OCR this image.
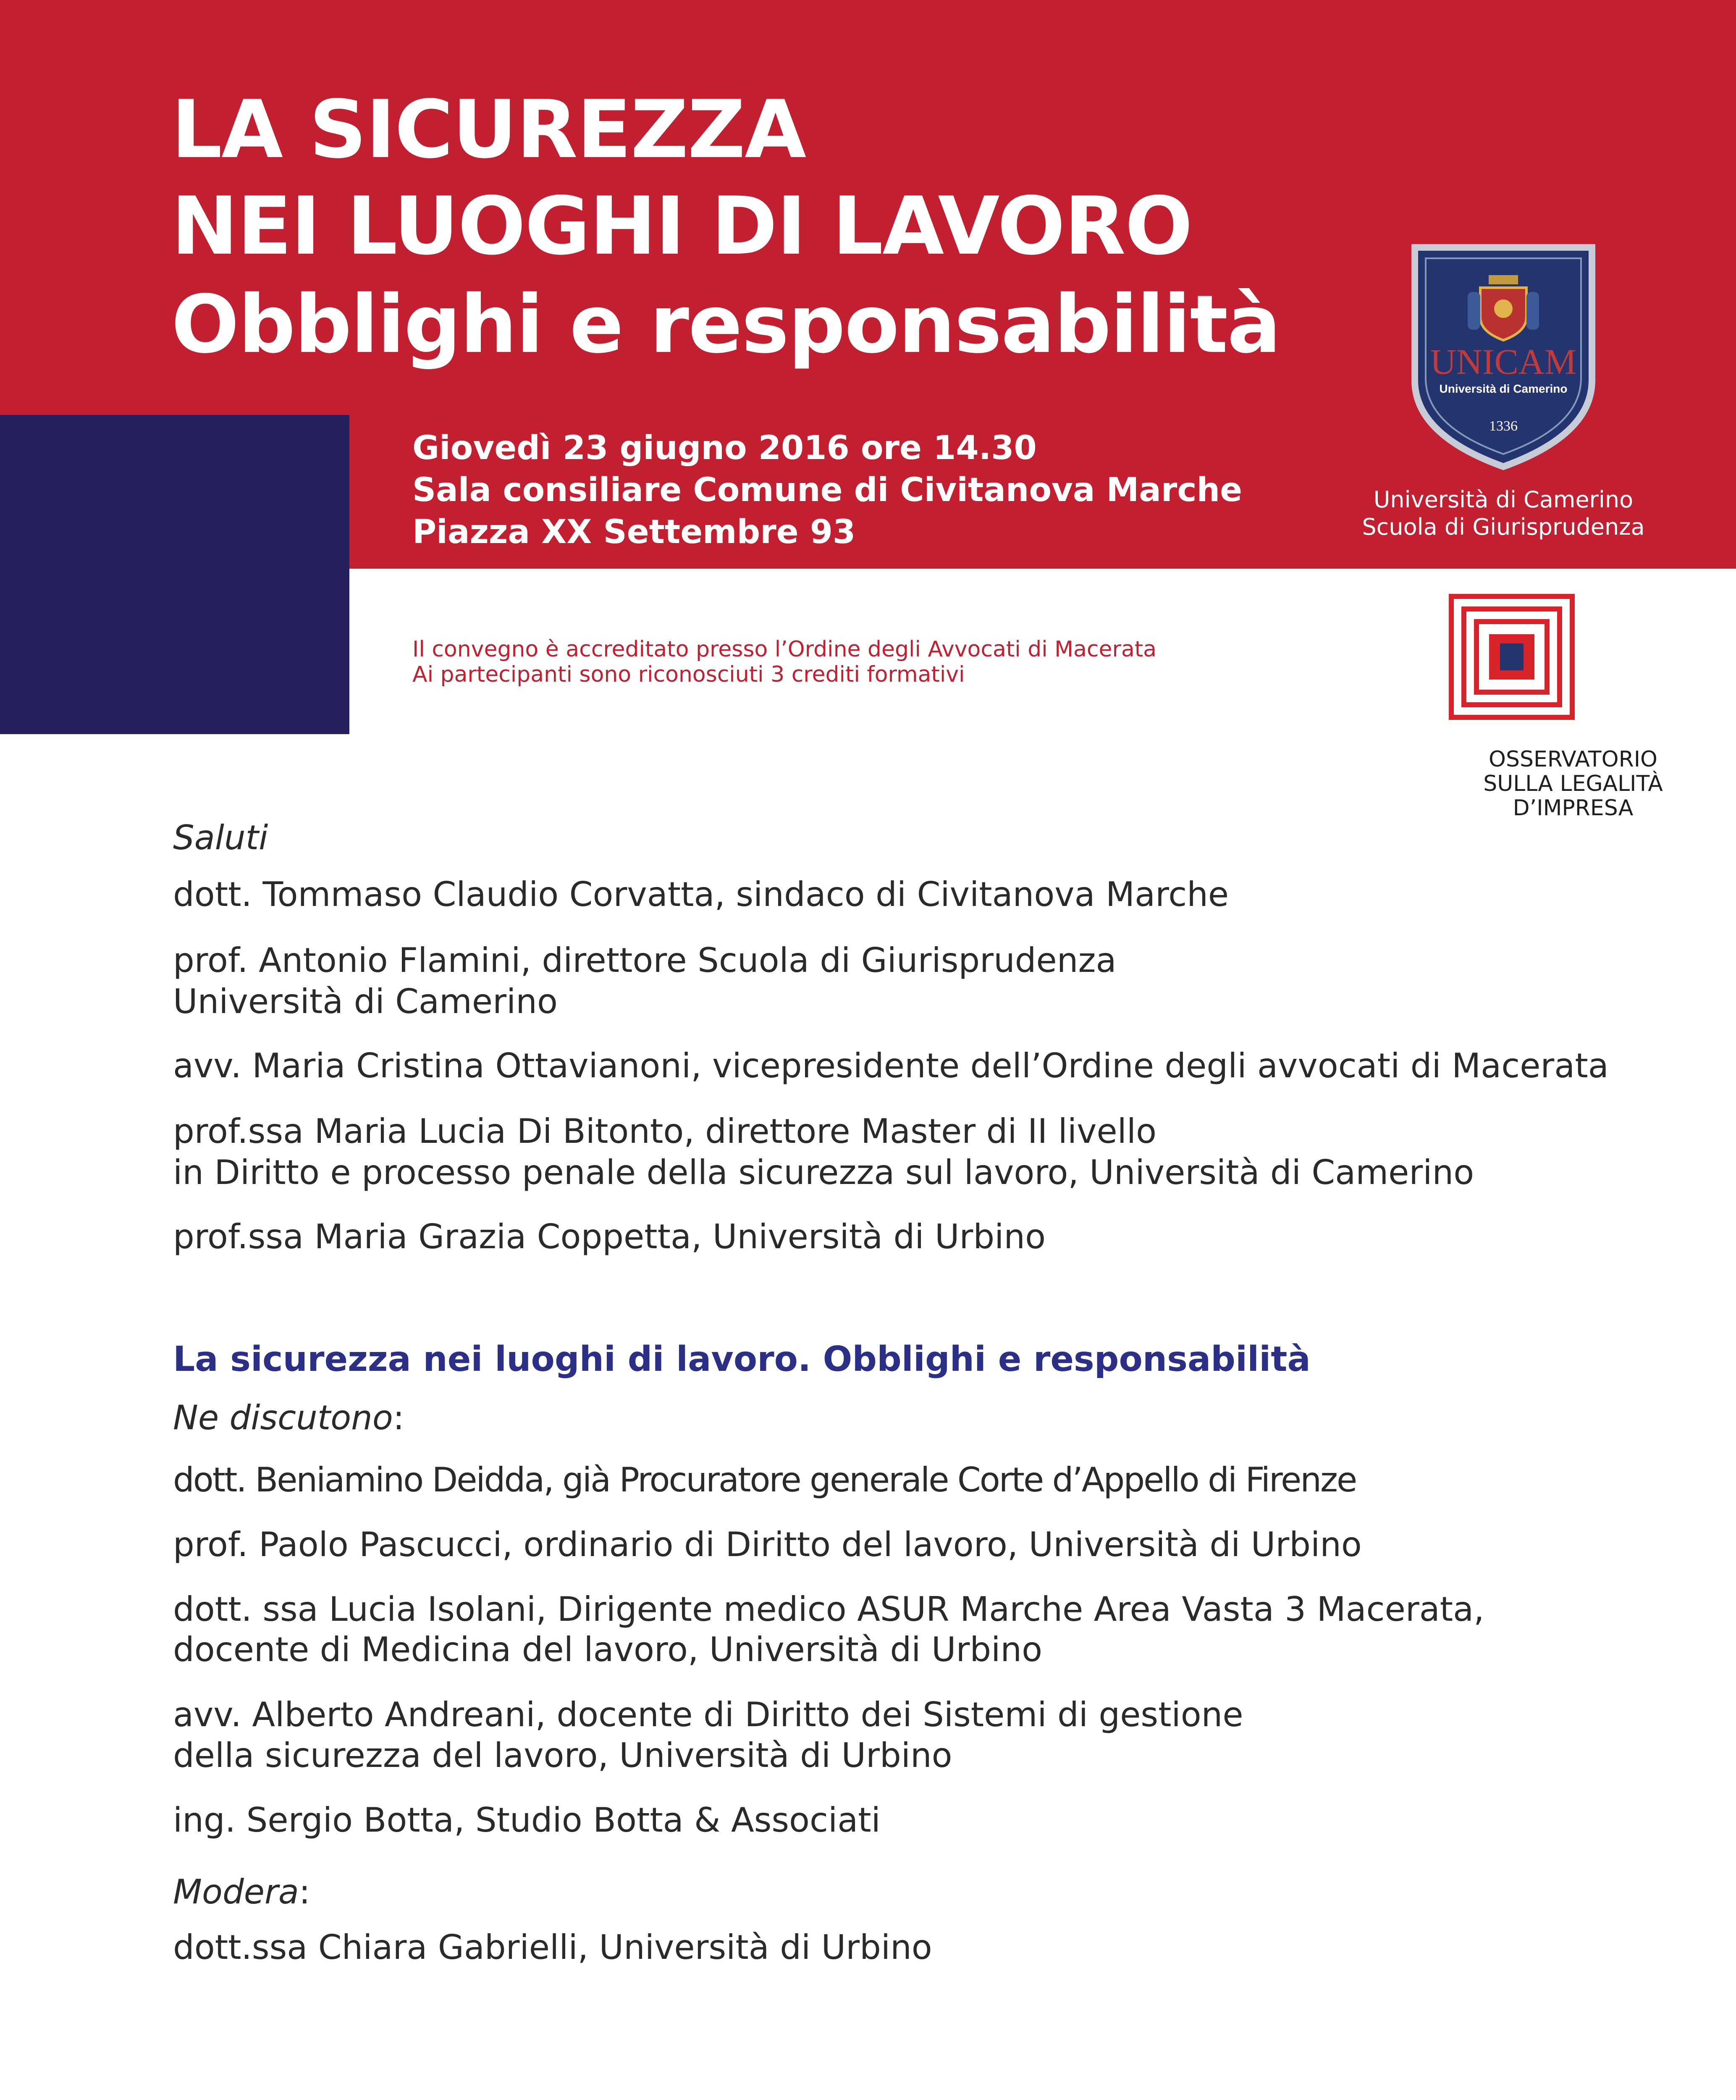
LA SICUREZZA
NEI LUOGHI DI LAVORO
Obblighi e responsabilità
Giovedì 23 giugno 2016 ore 14.30
Sala consiliare Comune di Civitanova Marche
Piazza XX Settembre 93
UNICAM
Università di Camerino
1336
Università di Camerino
Scuola di Giurisprudenza
Il convegno è accreditato presso l’Ordine degli Avvocati di Macerata
Ai partecipanti sono riconosciuti 3 crediti formativi
OSSERVATORIO
SULLA LEGALITÀ
D’IMPRESA
Saluti
dott. Tommaso Claudio Corvatta, sindaco di Civitanova Marche
prof. Antonio Flamini, direttore Scuola di Giurisprudenza
Università di Camerino
avv. Maria Cristina Ottavianoni, vicepresidente dell’Ordine degli avvocati di Macerata
prof.ssa Maria Lucia Di Bitonto, direttore Master di II livello
in Diritto e processo penale della sicurezza sul lavoro, Università di Camerino
prof.ssa Maria Grazia Coppetta, Università di Urbino
La sicurezza nei luoghi di lavoro. Obblighi e responsabilità
Ne discutono:
dott. Beniamino Deidda, già Procuratore generale Corte d’Appello di Firenze
prof. Paolo Pascucci, ordinario di Diritto del lavoro, Università di Urbino
dott. ssa Lucia Isolani, Dirigente medico ASUR Marche Area Vasta 3 Macerata,
docente di Medicina del lavoro, Università di Urbino
avv. Alberto Andreani, docente di Diritto dei Sistemi di gestione
della sicurezza del lavoro, Università di Urbino
ing. Sergio Botta, Studio Botta & Associati
Modera:
dott.ssa Chiara Gabrielli, Università di Urbino
